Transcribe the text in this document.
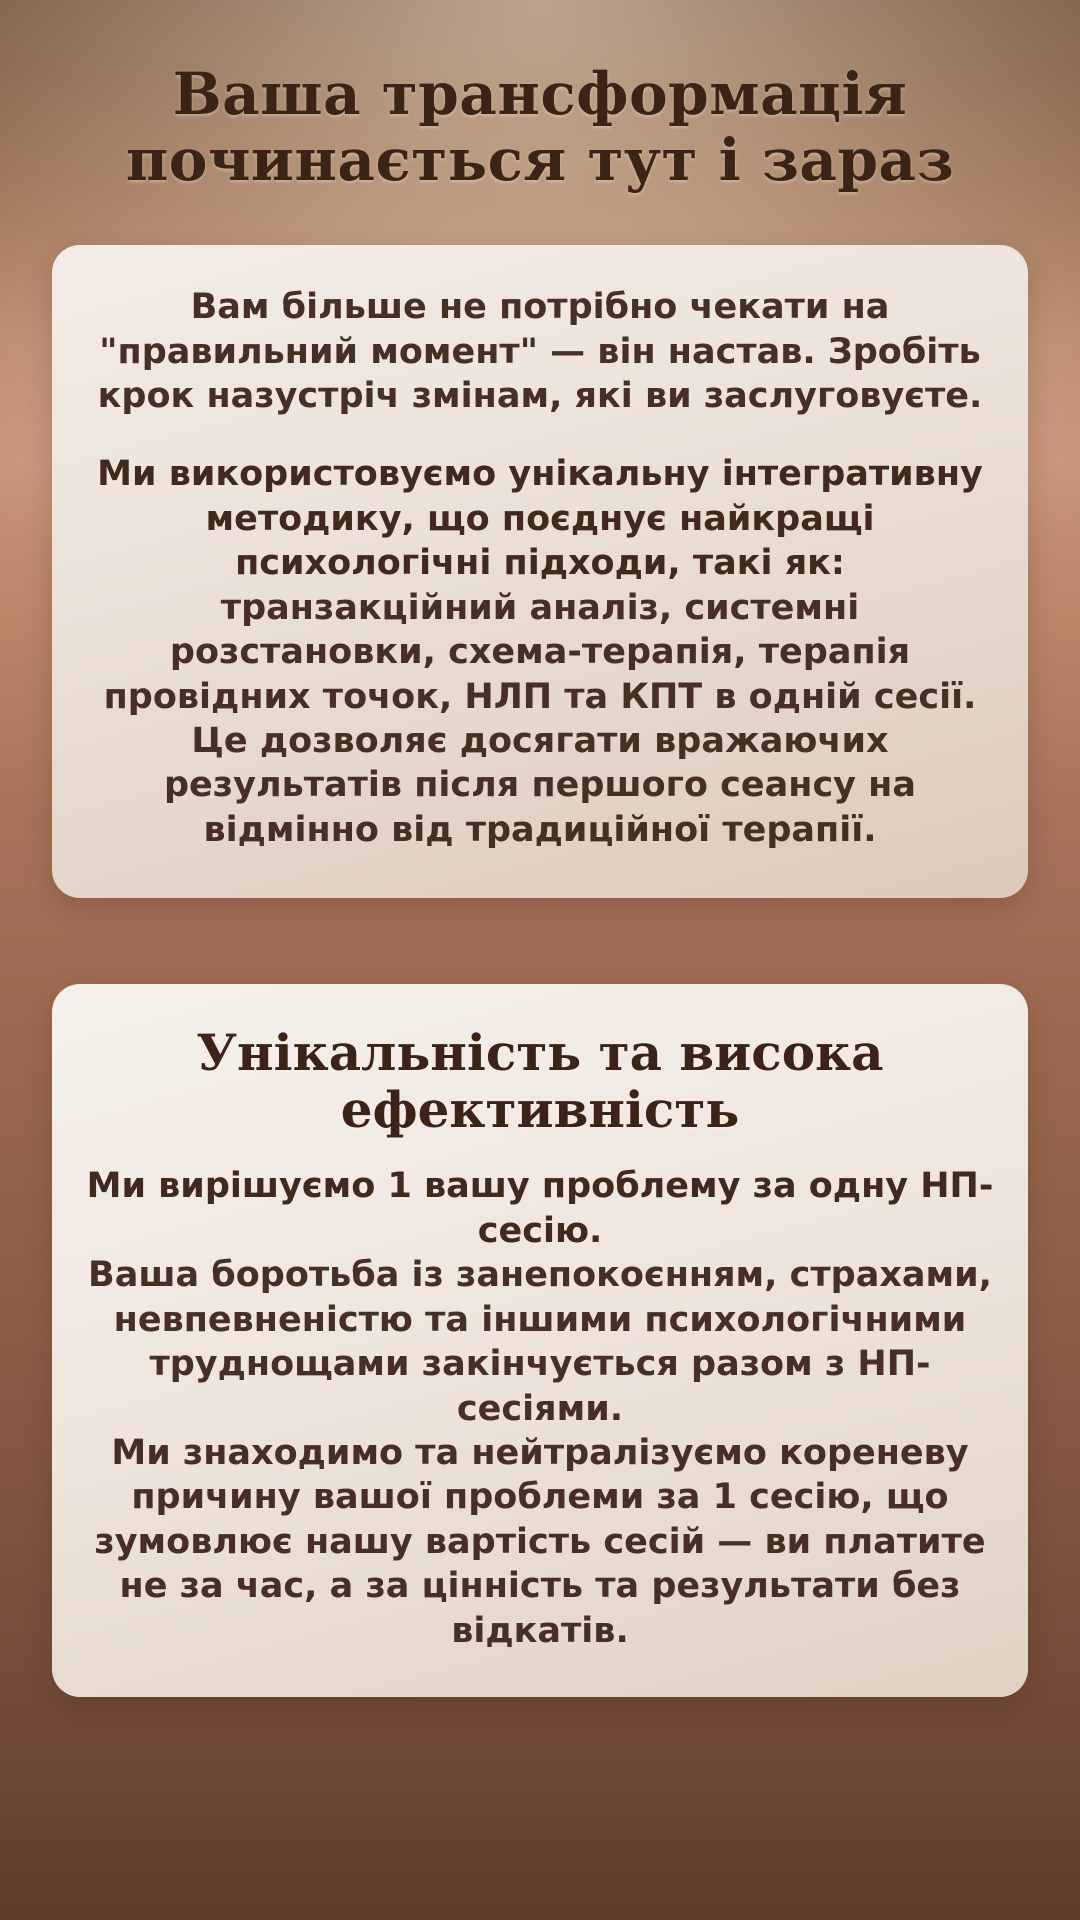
Ваша трансформація
починається тут і зараз

Вам більше не потрібно чекати на "правильний момент" — він настав. Зробіть крок назустріч змінам, які ви заслуговуєте.

Ми використовуємо унікальну інтегративну методику, що поєднує найкращі психологічні підходи, такі як:

транзакційний аналіз, системні розстановки, схема-терапія, терапія провідних точок, НЛП та КПТ в одній сесії.

Це дозволяє досягати вражаючих результатів після першого сеансу на відмінно від традиційної терапії.

Унікальність та висока
ефективність

Ми вирішуємо 1 вашу проблему за одну НП-сесію.

Ваша боротьба із занепокоєнням, страхами, невпевненістю та іншими психологічними труднощами закінчується разом з НП-сесіями.

Ми знаходимо та нейтралізуємо кореневу причину вашої проблеми за 1 сесію, що зумовлює нашу вартість сесій — ви платите не за час, а за цінність та результати без відкатів.
